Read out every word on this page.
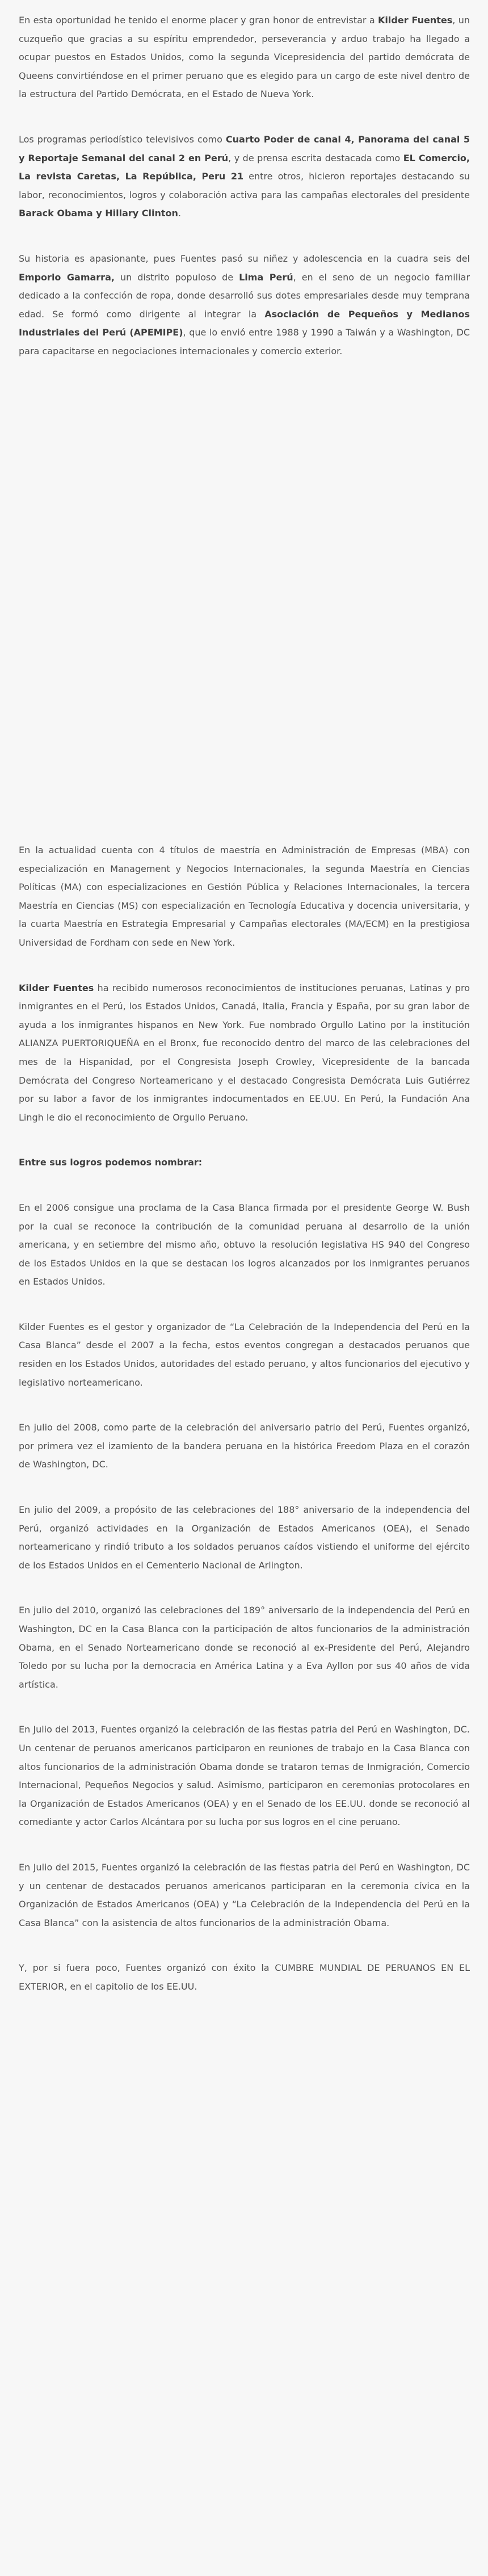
En esta oportunidad he tenido el enorme placer y gran honor de entrevistar a Kilder Fuentes, un cuzqueño que gracias a su espíritu emprendedor, perseverancia y arduo trabajo ha llegado a ocupar puestos en Estados Unidos, como la segunda Vicepresidencia del partido demócrata de Queens convirtiéndose en el primer peruano que es elegido para un cargo de este nivel dentro de la estructura del Partido Demócrata, en el Estado de Nueva York.

Los programas periodístico televisivos como Cuarto Poder de canal 4, Panorama del canal 5 y Reportaje Semanal del canal 2 en Perú, y de prensa escrita destacada como EL Comercio, La revista Caretas, La República, Peru 21 entre otros, hicieron reportajes destacando su labor, reconocimientos, logros y colaboración activa para las campañas electorales del presidente Barack Obama y Hillary Clinton.

Su historia es apasionante, pues Fuentes pasó su niñez y adolescencia en la cuadra seis del Emporio Gamarra, un distrito populoso de Lima Perú, en el seno de un negocio familiar dedicado a la confección de ropa, donde desarrolló sus dotes empresariales desde muy temprana edad. Se formó como dirigente al integrar la Asociación de Pequeños y Medianos Industriales del Perú (APEMIPE), que lo envió entre 1988 y 1990 a Taiwán y a Washington, DC para capacitarse en negociaciones internacionales y comercio exterior.

En la actualidad cuenta con 4 títulos de maestría en Administración de Empresas (MBA) con especialización en Management y Negocios Internacionales, la segunda Maestría en Ciencias Políticas (MA) con especializaciones en Gestión Pública y Relaciones Internacionales, la tercera Maestría en Ciencias (MS) con especialización en Tecnología Educativa y docencia universitaria, y la cuarta Maestría en Estrategia Empresarial y Campañas electorales (MA/ECM) en la prestigiosa Universidad de Fordham con sede en New York.

Kilder Fuentes ha recibido numerosos reconocimientos de instituciones peruanas, Latinas y pro inmigrantes en el Perú, los Estados Unidos, Canadá, Italia, Francia y España, por su gran labor de ayuda a los inmigrantes hispanos en New York. Fue nombrado Orgullo Latino por la institución ALIANZA PUERTORIQUEÑA en el Bronx, fue reconocido dentro del marco de las celebraciones del mes de la Hispanidad, por el Congresista Joseph Crowley, Vicepresidente de la bancada Demócrata del Congreso Norteamericano y el destacado Congresista Demócrata Luis Gutiérrez por su labor a favor de los inmigrantes indocumentados en EE.UU. En Perú, la Fundación Ana Lingh le dio el reconocimiento de Orgullo Peruano.

Entre sus logros podemos nombrar:

En el 2006 consigue una proclama de la Casa Blanca firmada por el presidente George W. Bush por la cual se reconoce la contribución de la comunidad peruana al desarrollo de la unión americana, y en setiembre del mismo año, obtuvo la resolución legislativa HS 940 del Congreso de los Estados Unidos en la que se destacan los logros alcanzados por los inmigrantes peruanos en Estados Unidos.

Kilder Fuentes es el gestor y organizador de “La Celebración de la Independencia del Perú en la Casa Blanca” desde el 2007 a la fecha, estos eventos congregan a destacados peruanos que residen en los Estados Unidos, autoridades del estado peruano, y altos funcionarios del ejecutivo y legislativo norteamericano.

En julio del 2008, como parte de la celebración del aniversario patrio del Perú, Fuentes organizó, por primera vez el izamiento de la bandera peruana en la histórica Freedom Plaza en el corazón de Washington, DC.

En julio del 2009, a propósito de las celebraciones del 188° aniversario de la independencia del Perú, organizó actividades en la Organización de Estados Americanos (OEA), el Senado norteamericano y rindió tributo a los soldados peruanos caídos vistiendo el uniforme del ejército de los Estados Unidos en el Cementerio Nacional de Arlington.

En julio del 2010, organizó las celebraciones del 189° aniversario de la independencia del Perú en Washington, DC en la Casa Blanca con la participación de altos funcionarios de la administración Obama, en el Senado Norteamericano donde se reconoció al ex-Presidente del Perú, Alejandro Toledo por su lucha por la democracia en América Latina y a Eva Ayllon por sus 40 años de vida artística.

En Julio del 2013, Fuentes organizó la celebración de las fiestas patria del Perú en Washington, DC. Un centenar de peruanos americanos participaron en reuniones de trabajo en la Casa Blanca con altos funcionarios de la administración Obama donde se trataron temas de Inmigración, Comercio Internacional, Pequeños Negocios y salud. Asimismo, participaron en ceremonias protocolares en la Organización de Estados Americanos (OEA) y en el Senado de los EE.UU. donde se reconoció al comediante y actor Carlos Alcántara por su lucha por sus logros en el cine peruano.

En Julio del 2015, Fuentes organizó la celebración de las fiestas patria del Perú en Washington, DC y un centenar de destacados peruanos americanos participaran en la ceremonia cívica en la Organización de Estados Americanos (OEA) y “La Celebración de la Independencia del Perú en la Casa Blanca” con la asistencia de altos funcionarios de la administración Obama.

Y, por si fuera poco, Fuentes organizó con éxito la CUMBRE MUNDIAL DE PERUANOS EN EL EXTERIOR, en el capitolio de los EE.UU.
